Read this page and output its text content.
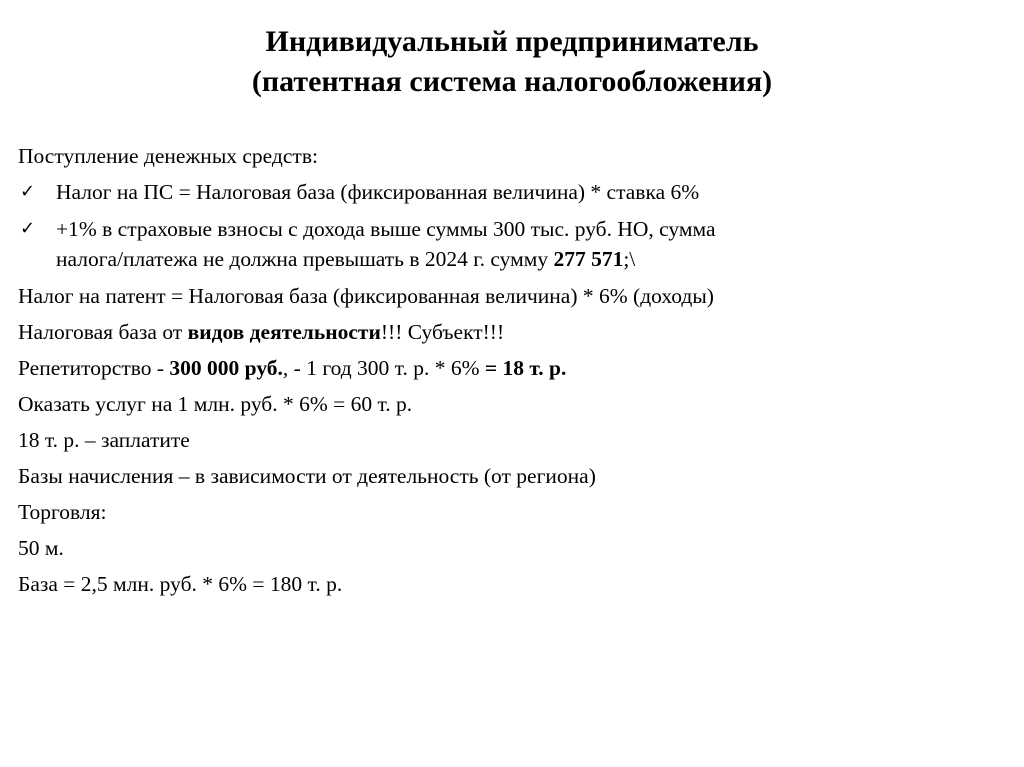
Индивидуальный предприниматель
(патентная система налогообложения)
Поступление денежных средств:
✓ Налог на ПС = Налоговая база (фиксированная величина) * ставка 6%
✓ +1% в страховые взносы с дохода выше суммы 300 тыс. руб. НО, сумма
налога/платежа не должна превышать в 2024 г. сумму 277 571;\
Налог на патент = Налоговая база (фиксированная величина) * 6% (доходы)
Налоговая база от видов деятельности!!! Субъект!!!
Репетиторство - 300 000 руб., - 1 год 300 т. р. * 6% = 18 т. р.
Оказать услуг на 1 млн. руб. * 6% = 60 т. р.
18 т. р. – заплатите
Базы начисления – в зависимости от деятельность (от региона)
Торговля:
50 м.
База = 2,5 млн. руб. * 6% = 180 т. р.
